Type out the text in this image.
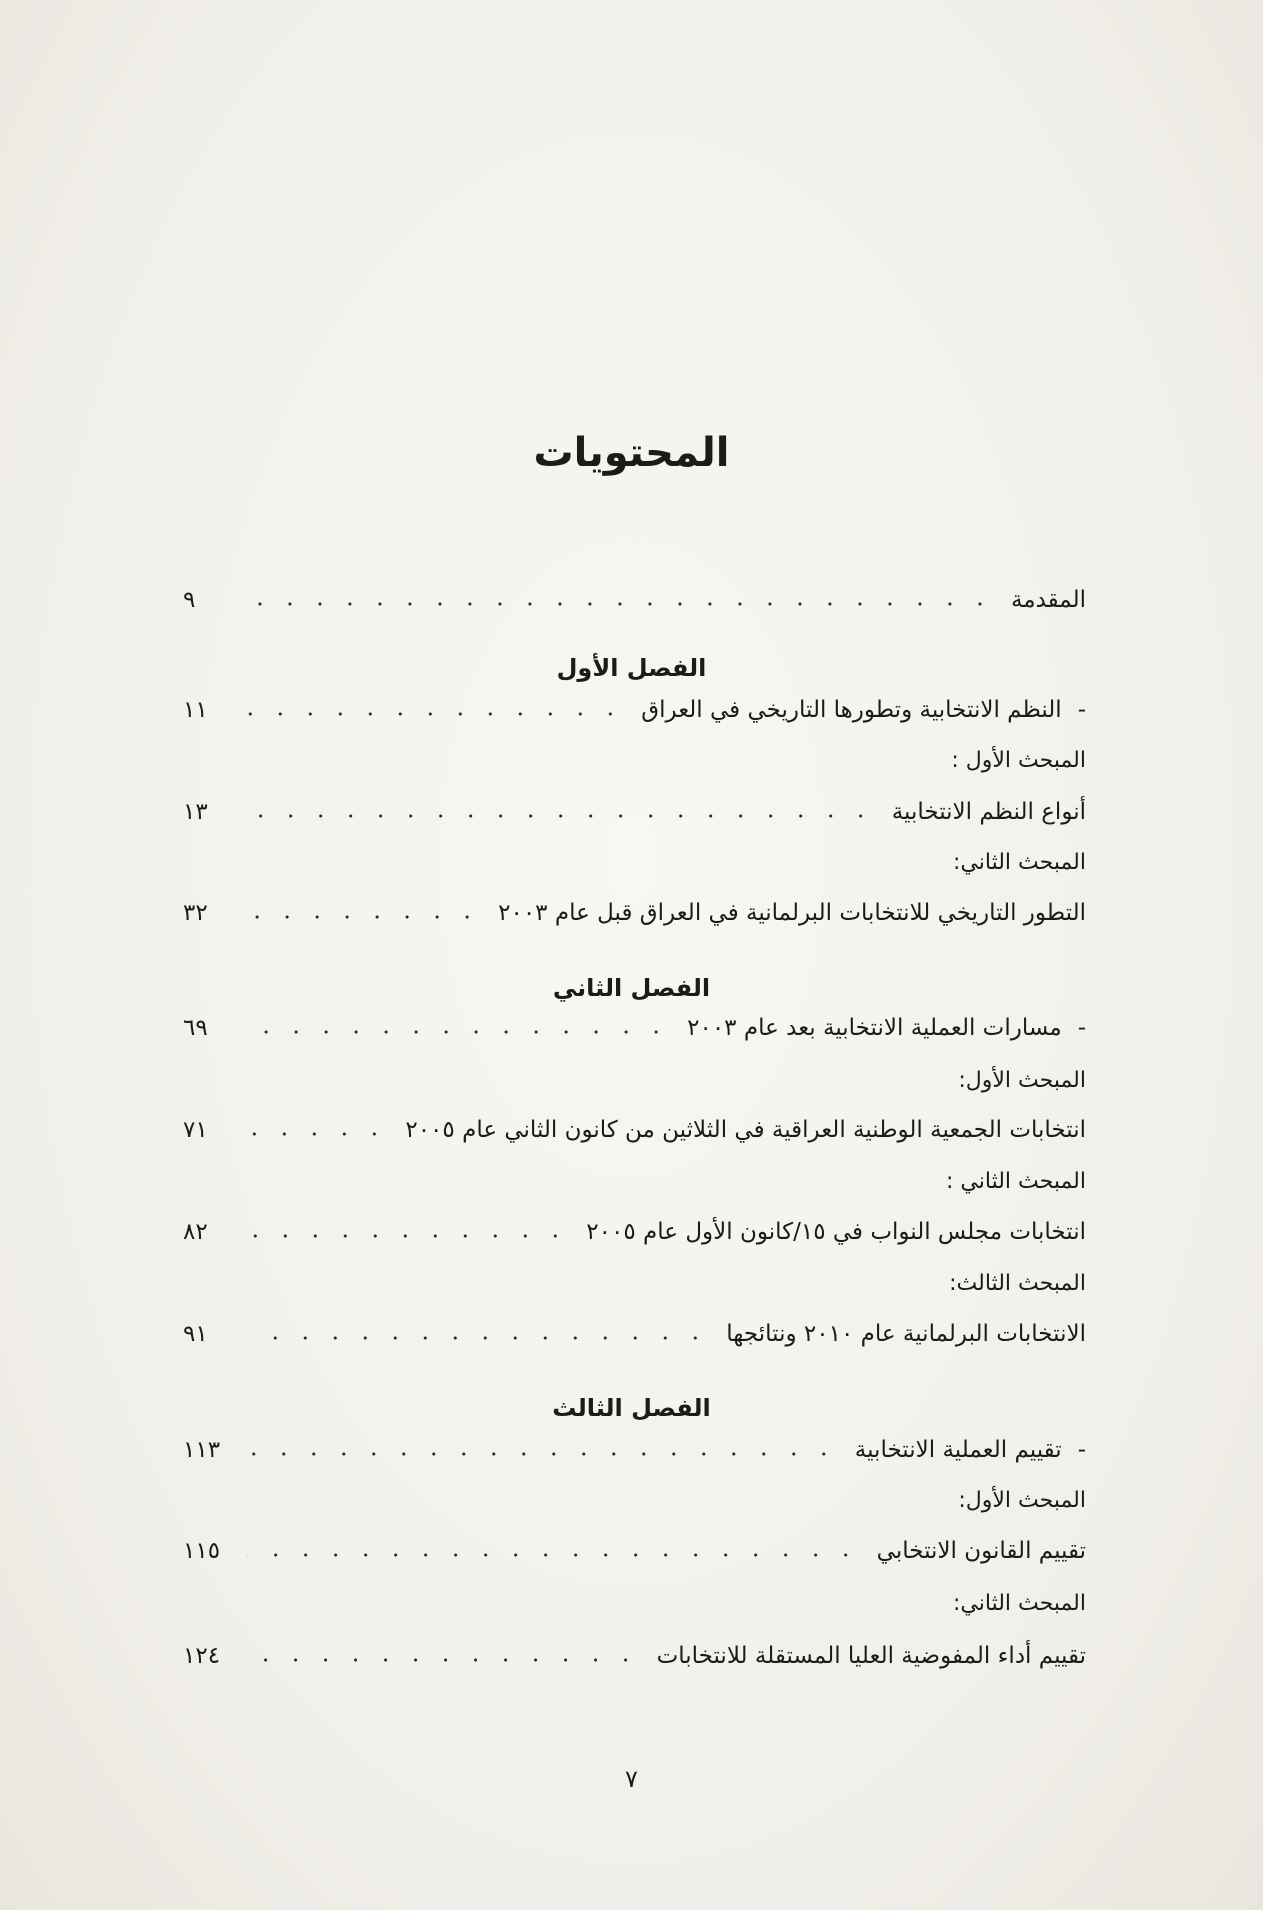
المحتويات
المقدمة
٩
الفصل الأول
-
النظم الانتخابية وتطورها التاريخي في العراق
١١
المبحث الأول :
أنواع النظم الانتخابية
١٣
المبحث الثاني:
التطور التاريخي للانتخابات البرلمانية في العراق قبل عام ٢٠٠٣
٣٢
الفصل الثاني
-
مسارات العملية الانتخابية بعد عام ٢٠٠٣
٦٩
المبحث الأول:
انتخابات الجمعية الوطنية العراقية في الثلاثين من كانون الثاني عام ٢٠٠٥
٧١
المبحث الثاني :
انتخابات مجلس النواب في ١٥/كانون الأول عام ٢٠٠٥
٨٢
المبحث الثالث:
الانتخابات البرلمانية عام ٢٠١٠ ونتائجها
٩١
الفصل الثالث
-
تقييم العملية الانتخابية
١١٣
المبحث الأول:
تقييم القانون الانتخابي
١١٥
المبحث الثاني:
تقييم أداء المفوضية العليا المستقلة للانتخابات
١٢٤
٧
